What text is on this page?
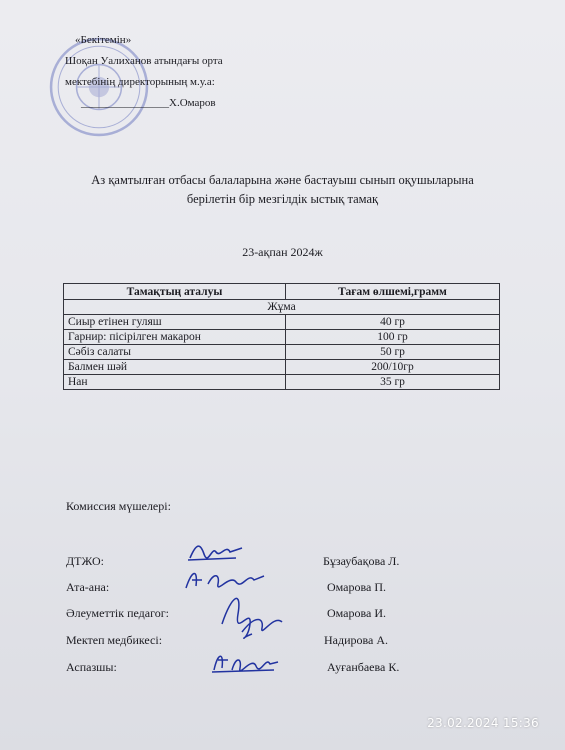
«Бекітемін»
Шоқан Уалиханов атындағы орта
мектебінің директорының м.у.а:
________________Х.Омаров
Аз қамтылған отбасы балаларына және бастауыш сынып оқушыларына
берілетін бір мезгілдік ыстық тамақ
23-ақпан 2024ж
Тамақтың аталуы	Тағам өлшемі,грамм
Жұма	
Сиыр етінен гуляш	40 гр
Гарнир: пісірілген макарон	100 гр
Сәбіз салаты	50 гр
Балмен шәй	200/10гр
Нан	35 гр
Комиссия мүшелері:
ДТЖО:	Бұзаубақова Л.
Ата-ана:	Омарова П.
Әлеуметтік педагог:	Омарова И.
Мектеп медбикесі:	Надирова А.
Аспазшы:	Ауғанбаева К.
23.02.2024 15:36
